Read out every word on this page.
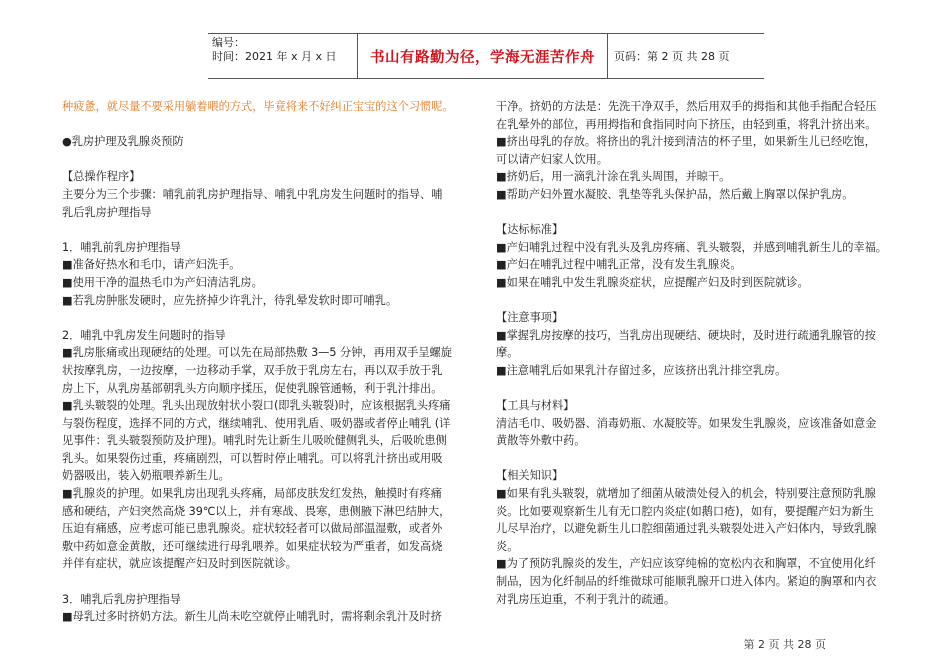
编号：
时间：2021 年 x 月 x 日	书山有路勤为径，学海无涯苦作舟	页码：第 2 页 共 28 页

种疲惫，就尽量不要采用躺着喂的方式，毕竟将来不好纠正宝宝的这个习惯呢。

●乳房护理及乳腺炎预防

【总操作程序】

主要分为三个步骤：哺乳前乳房护理指导、哺乳中乳房发生问题时的指导、哺

乳后乳房护理指导

1．哺乳前乳房护理指导

■准备好热水和毛巾，请产妇洗手。

■使用干净的温热毛巾为产妇清洁乳房。

■若乳房肿胀发硬时，应先挤掉少许乳汁，待乳晕发软时即可哺乳。

2．哺乳中乳房发生问题时的指导

■乳房胀痛或出现硬结的处理。可以先在局部热敷 3—5 分钟，再用双手呈螺旋

状按摩乳房，一边按摩，一边移动手掌，双手放于乳房左右，再以双手放于乳

房上下，从乳房基部朝乳头方向顺序揉压，促使乳腺管通畅，利于乳汁排出。

■乳头皲裂的处理。乳头出现放射状小裂口(即乳头皲裂)时，应该根据乳头疼痛

与裂伤程度，选择不同的方式，继续哺乳、使用乳盾、吸奶器或者停止哺乳 (详

见事件：乳头皲裂预防及护理)。哺乳时先让新生儿吸吮健侧乳头，后吸吮患侧

乳头。如果裂伤过重，疼痛剧烈，可以暂时停止哺乳。可以将乳汁挤出或用吸

奶器吸出，装入奶瓶喂养新生儿。

■乳腺炎的护理。如果乳房出现乳头疼痛，局部皮肤发红发热，触摸时有疼痛

感和硬结，产妇突然高烧 39℃以上，并有寒战、畏寒，患侧腋下淋巴结肿大，

压迫有痛感，应考虑可能已患乳腺炎。症状较轻者可以做局部温湿敷，或者外

敷中药如意金黄散，还可继续进行母乳喂养。如果症状较为严重者，如发高烧

并伴有症状，就应该提醒产妇及时到医院就诊。

3．哺乳后乳房护理指导

■母乳过多时挤奶方法。新生儿尚未吃空就停止哺乳时，需将剩余乳汁及时挤

干净。挤奶的方法是：先洗干净双手，然后用双手的拇指和其他手指配合轻压

在乳晕外的部位，再用拇指和食指同时向下挤压，由轻到重，将乳汁挤出来。

■挤出母乳的存放。将挤出的乳汁接到清洁的杯子里，如果新生儿已经吃饱，

可以请产妇家人饮用。

■挤奶后，用一滴乳汁涂在乳头周围，并晾干。

■帮助产妇外置水凝胶、乳垫等乳头保护品，然后戴上胸罩以保护乳房。

【达标标准】

■产妇哺乳过程中没有乳头及乳房疼痛、乳头皲裂，并感到哺乳新生儿的幸福。

■产妇在哺乳过程中哺乳正常，没有发生乳腺炎。

■如果在哺乳中发生乳腺炎症状，应提醒产妇及时到医院就诊。

【注意事项】

■掌握乳房按摩的技巧，当乳房出现硬结、硬块时，及时进行疏通乳腺管的按

摩。

■注意哺乳后如果乳汁存留过多，应该挤出乳汁排空乳房。

【工具与材料】

清洁毛巾、吸奶器、消毒奶瓶、水凝胶等。如果发生乳腺炎，应该准备如意金

黄散等外敷中药。

【相关知识】

■如果有乳头皲裂，就增加了细菌从破溃处侵入的机会，特别要注意预防乳腺

炎。比如要观察新生儿有无口腔内炎症(如鹅口疮)，如有，要提醒产妇为新生

儿尽早治疗，以避免新生儿口腔细菌通过乳头皲裂处进入产妇体内，导致乳腺

炎。

■为了预防乳腺炎的发生，产妇应该穿纯棉的宽松内衣和胸罩，不宜使用化纤

制品，因为化纤制品的纤维微球可能顺乳腺开口进入体内。紧迫的胸罩和内衣

对乳房压迫重，不利于乳汁的疏通。

第 2 页 共 28 页
